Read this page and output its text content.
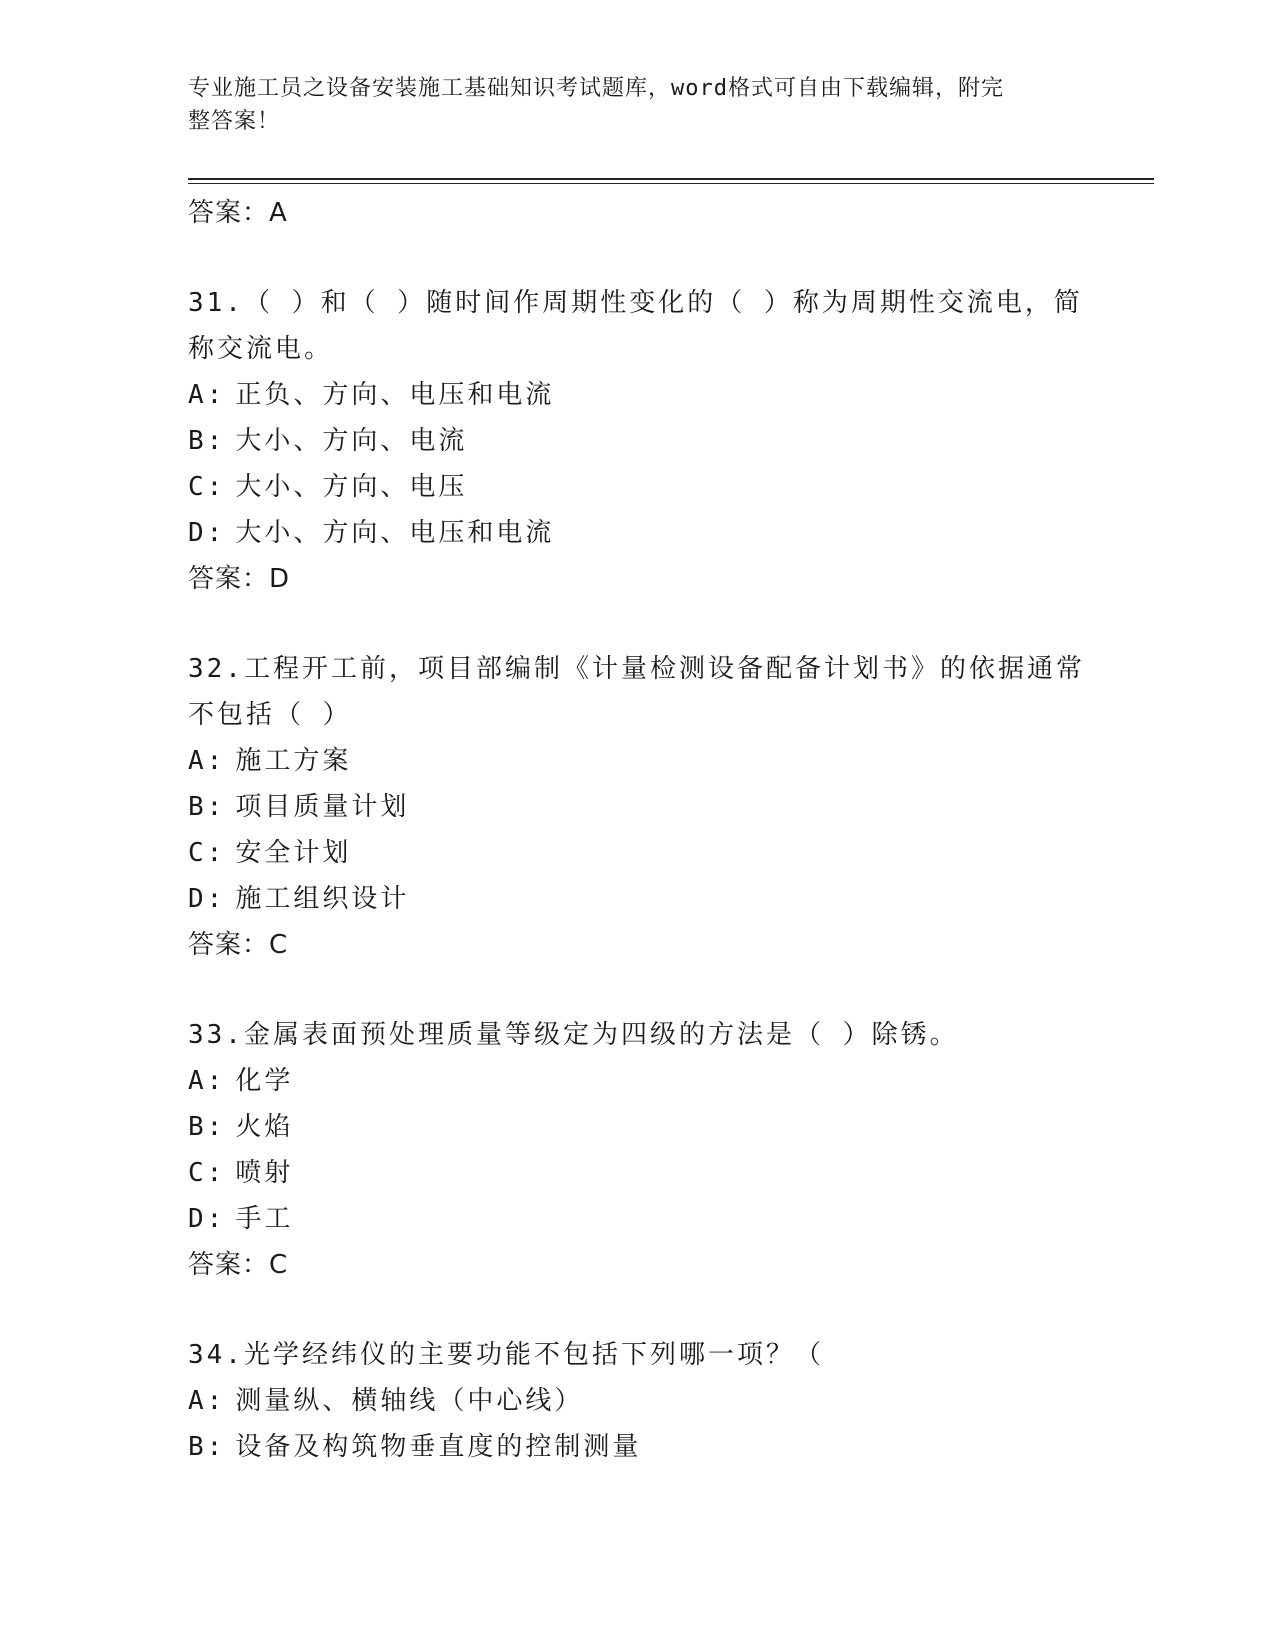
专业施工员之设备安装施工基础知识考试题库，word格式可自由下载编辑，附完
整答案！
答案：A
31.（ ）和（ ）随时间作周期性变化的（ ）称为周期性交流电，简
称交流电。
A: 正负、方向、电压和电流
B: 大小、方向、电流
C: 大小、方向、电压
D: 大小、方向、电压和电流
答案：D
32.工程开工前，项目部编制《计量检测设备配备计划书》的依据通常
不包括（ ）
A: 施工方案
B: 项目质量计划
C: 安全计划
D: 施工组织设计
答案：C
33.金属表面预处理质量等级定为四级的方法是（ ）除锈。
A: 化学
B: 火焰
C: 喷射
D: 手工
答案：C
34.光学经纬仪的主要功能不包括下列哪一项？（
A: 测量纵、横轴线（中心线）
B: 设备及构筑物垂直度的控制测量
